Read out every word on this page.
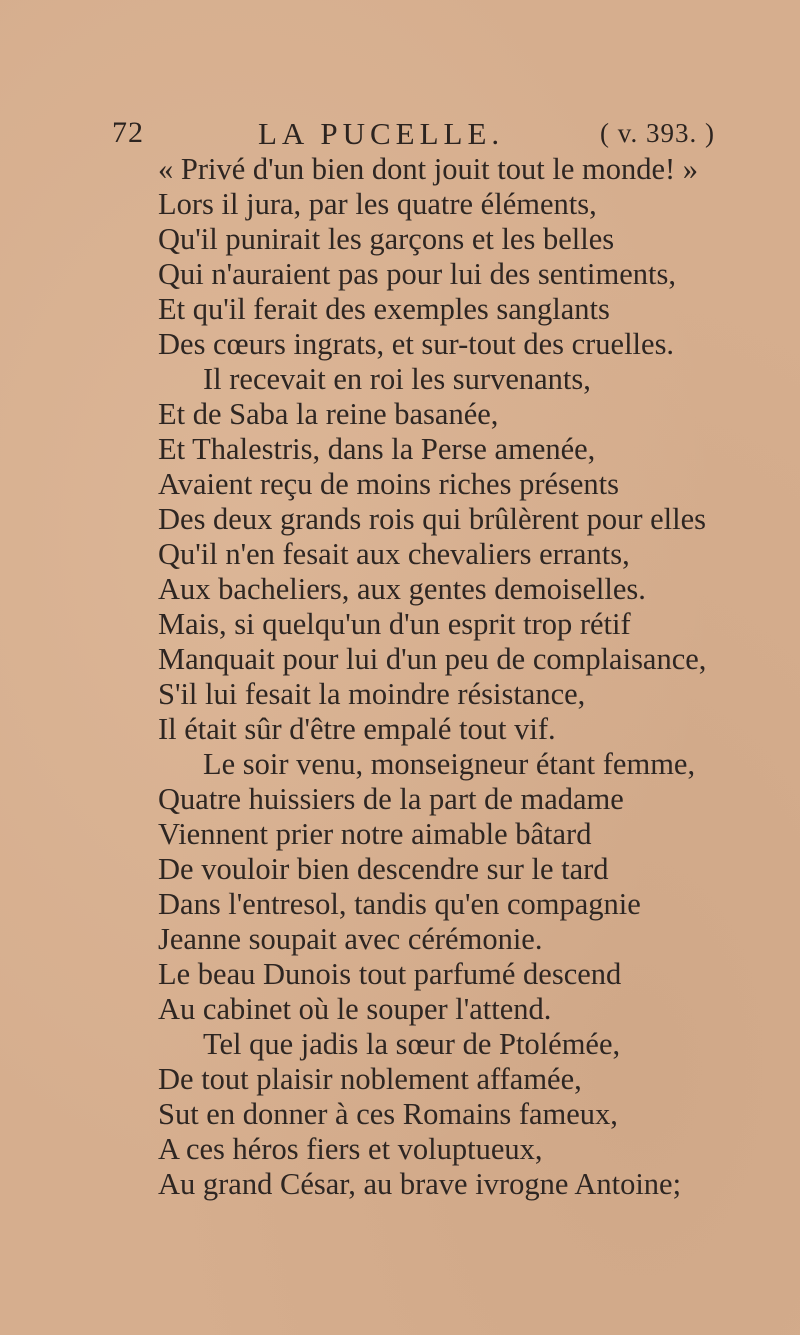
72	LA PUCELLE.	( v. 393. )
« Privé d'un bien dont jouit tout le monde! »
Lors il jura, par les quatre éléments,
Qu'il punirait les garçons et les belles
Qui n'auraient pas pour lui des sentiments,
Et qu'il ferait des exemples sanglants
Des cœurs ingrats, et sur-tout des cruelles.
Il recevait en roi les survenants,
Et de Saba la reine basanée,
Et Thalestris, dans la Perse amenée,
Avaient reçu de moins riches présents
Des deux grands rois qui brûlèrent pour elles
Qu'il n'en fesait aux chevaliers errants,
Aux bacheliers, aux gentes demoiselles.
Mais, si quelqu'un d'un esprit trop rétif
Manquait pour lui d'un peu de complaisance,
S'il lui fesait la moindre résistance,
Il était sûr d'être empalé tout vif.
Le soir venu, monseigneur étant femme,
Quatre huissiers de la part de madame
Viennent prier notre aimable bâtard
De vouloir bien descendre sur le tard
Dans l'entresol, tandis qu'en compagnie
Jeanne soupait avec cérémonie.
Le beau Dunois tout parfumé descend
Au cabinet où le souper l'attend.
Tel que jadis la sœur de Ptolémée,
De tout plaisir noblement affamée,
Sut en donner à ces Romains fameux,
A ces héros fiers et voluptueux,
Au grand César, au brave ivrogne Antoine;
